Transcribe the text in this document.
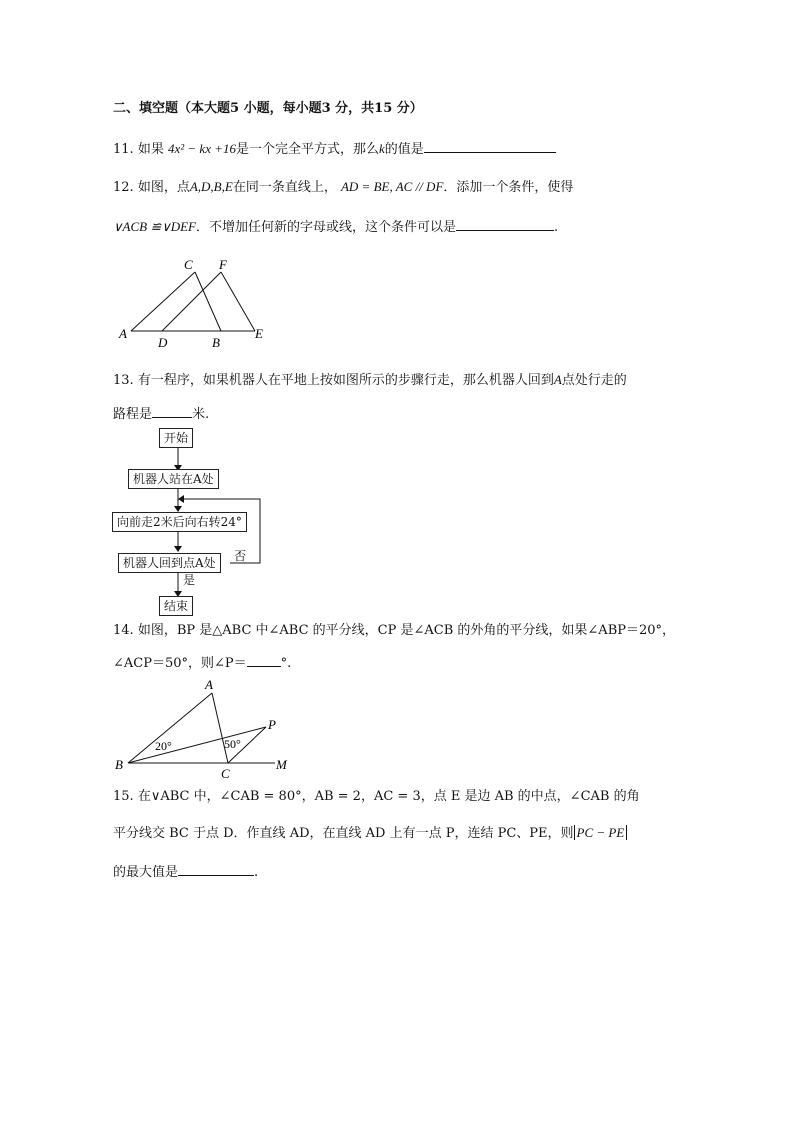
二、填空题（本大题5 小题，每小题3 分，共15 分）
11. 如果 4x² − kx +16是一个完全平方式，那么k的值是
12. 如图，点A,D,B,E在同一条直线上， AD = BE, AC // DF．添加一个条件，使得
∨ACB ≌∨DEF．不增加任何新的字母或线，这个条件可以是	.
A
D	B
E
C F
13. 有一程序，如果机器人在平地上按如图所示的步骤行走，那么机器人回到A点处行走的
路程是	米.
开始
机器人站在A处
向前走2米后向右转24°
机器人回到点A处	否
是
结束
14. 如图，BP 是△ABC 中∠ABC 的平分线，CP 是∠ACB 的外角的平分线，如果∠ABP＝20°，
∠ACP＝50°，则∠P＝	°.
A
B
C
P
M
20°	50°
15. 在∨ABC 中，∠CAB = 80°，AB = 2，AC = 3，点 E 是边 AB 的中点，∠CAB 的角
平分线交 BC 于点 D．作直线 AD，在直线 AD 上有一点 P，连结 PC、PE，则 PC − PE
的最大值是	.
